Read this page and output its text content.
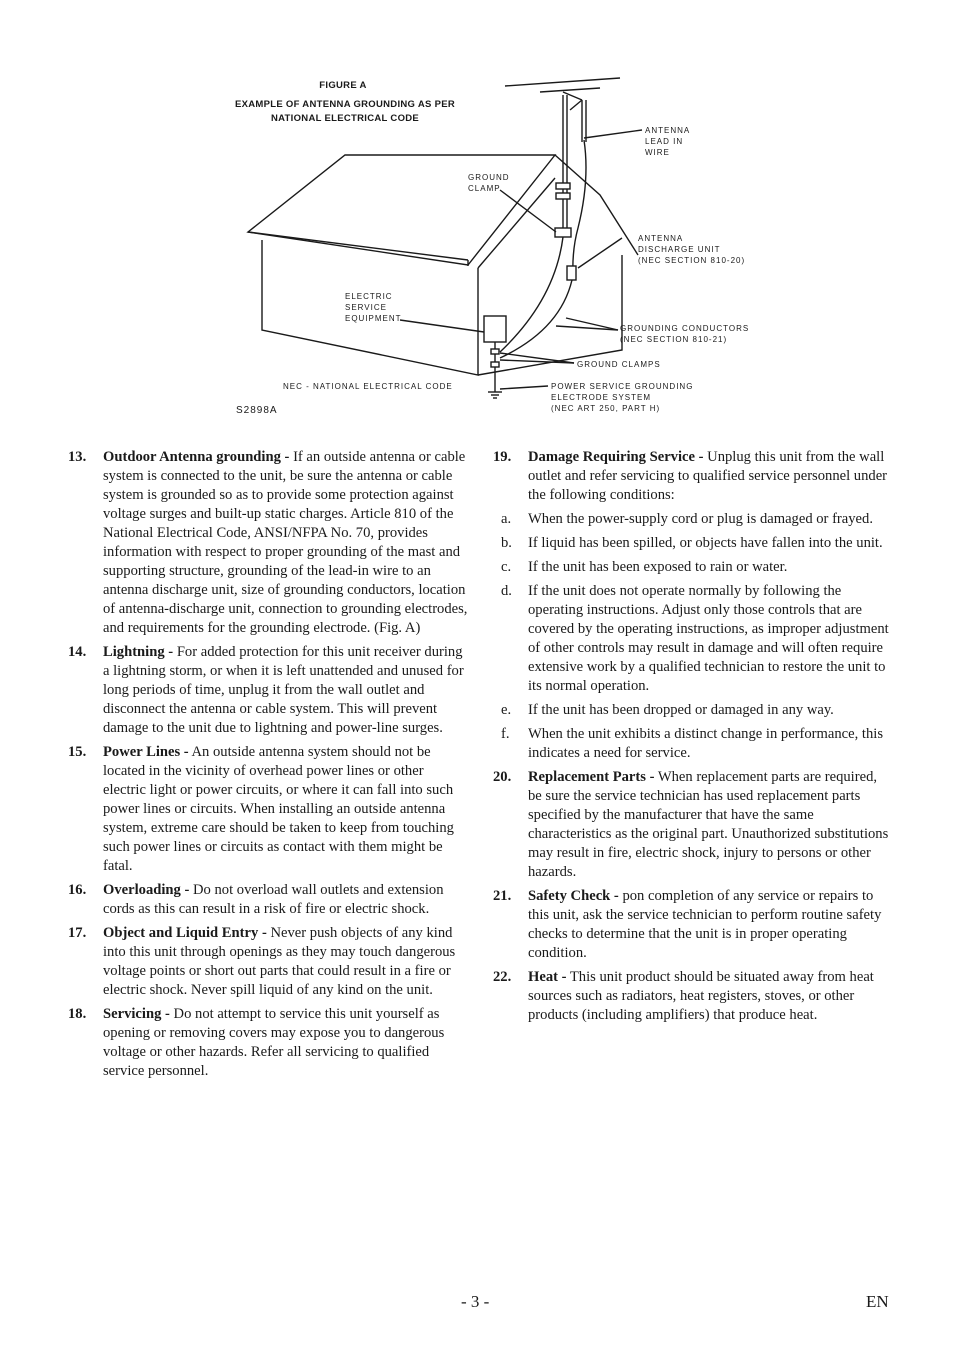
FIGURE A
EXAMPLE OF ANTENNA GROUNDING AS PER
NATIONAL ELECTRICAL CODE
ANTENNA
LEAD IN
WIRE
GROUND
CLAMP
ANTENNA
DISCHARGE UNIT
(NEC SECTION 810-20)
ELECTRIC
SERVICE
EQUIPMENT
GROUNDING CONDUCTORS
(NEC SECTION 810-21)
GROUND CLAMPS
NEC - NATIONAL ELECTRICAL CODE	POWER SERVICE GROUNDING
ELECTRODE SYSTEM
(NEC ART 250, PART H)
S2898A
13. Outdoor Antenna grounding - If an outside antenna or cable system is connected to the unit, be sure the antenna or cable system is grounded so as to provide some protection against voltage surges and built-up static charges. Article 810 of the National Electrical Code, ANSI/NFPA No. 70, provides information with respect to proper grounding of the mast and supporting structure, grounding of the lead-in wire to an antenna discharge unit, size of grounding conductors, location of antenna-discharge unit, connection to grounding electrodes, and requirements for the grounding electrode. (Fig. A)
14. Lightning - For added protection for this unit receiver during a lightning storm, or when it is left unattended and unused for long periods of time, unplug it from the wall outlet and disconnect the antenna or cable system. This will prevent damage to the unit due to lightning and power-line surges.
15. Power Lines - An outside antenna system should not be located in the vicinity of overhead power lines or other electric light or power circuits, or where it can fall into such power lines or circuits. When installing an outside antenna system, extreme care should be taken to keep from touching such power lines or circuits as contact with them might be fatal.
16. Overloading - Do not overload wall outlets and extension cords as this can result in a risk of fire or electric shock.
17. Object and Liquid Entry - Never push objects of any kind into this unit through openings as they may touch dangerous voltage points or short out parts that could result in a fire or electric shock. Never spill liquid of any kind on the unit.
18. Servicing - Do not attempt to service this unit yourself as opening or removing covers may expose you to dangerous voltage or other hazards. Refer all servicing to qualified service personnel.
19. Damage Requiring Service - Unplug this unit from the wall outlet and refer servicing to qualified service personnel under the following conditions:
a. When the power-supply cord or plug is damaged or frayed.
b. If liquid has been spilled, or objects have fallen into the unit.
c. If the unit has been exposed to rain or water.
d. If the unit does not operate normally by following the operating instructions. Adjust only those controls that are covered by the operating instructions, as improper adjustment of other controls may result in damage and will often require extensive work by a qualified technician to restore the unit to its normal operation.
e. If the unit has been dropped or damaged in any way.
f. When the unit exhibits a distinct change in performance, this indicates a need for service.
20. Replacement Parts - When replacement parts are required, be sure the service technician has used replacement parts specified by the manufacturer that have the same characteristics as the original part. Unauthorized substitutions may result in fire, electric shock, injury to persons or other hazards.
21. Safety Check - pon completion of any service or repairs to this unit, ask the service technician to perform routine safety checks to determine that the unit is in proper operating condition.
22. Heat - This unit product should be situated away from heat sources such as radiators, heat registers, stoves, or other products (including amplifiers) that produce heat.
- 3 -	EN
